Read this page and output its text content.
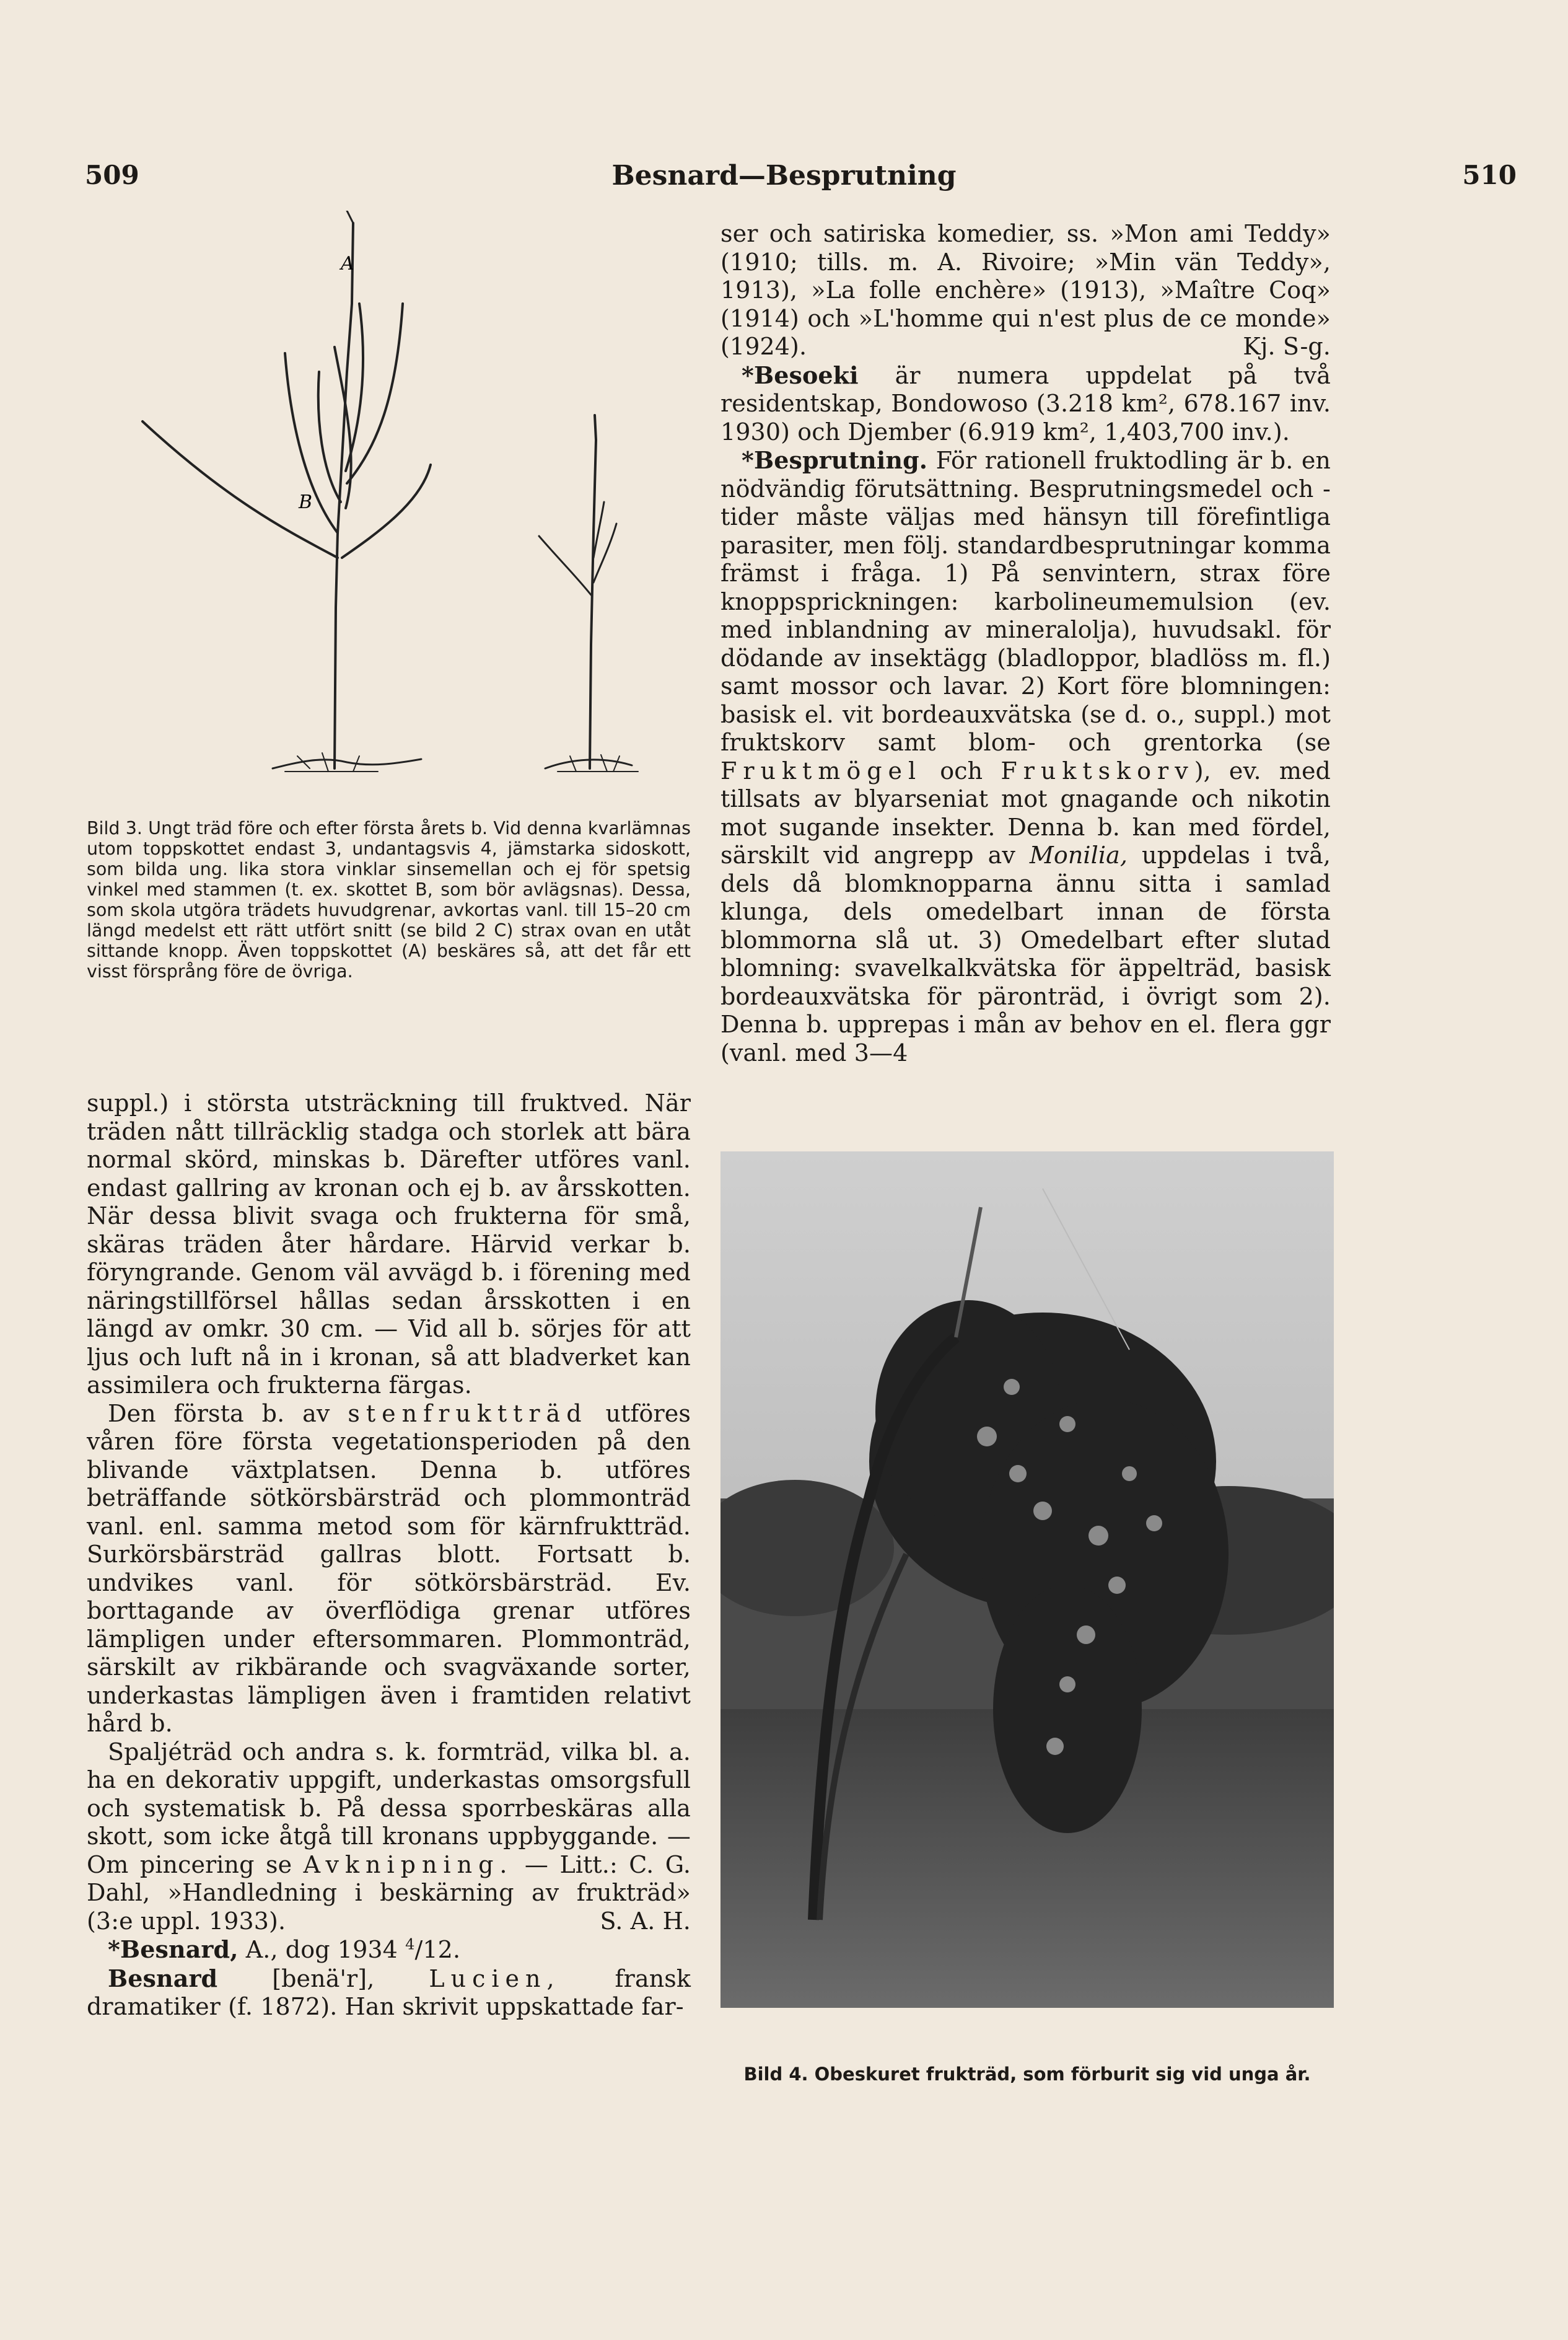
509	Besnard—Besprutning	510
A
B
Bild 3. Ungt träd före och efter första årets b. Vid denna kvarlämnas utom toppskottet endast 3, undantagsvis 4, jämstarka sidoskott, som bilda ung. lika stora vinklar sinsemellan och ej för spetsig vinkel med stammen (t. ex. skottet B, som bör avlägsnas). Dessa, som skola utgöra trädets huvudgrenar, avkortas vanl. till 15–20 cm längd medelst ett rätt utfört snitt (se bild 2 C) strax ovan en utåt sittande knopp. Även toppskottet (A) beskäres så, att det får ett visst försprång före de övriga.

suppl.) i största utsträckning till fruktved. När träden nått tillräcklig stadga och storlek att bära normal skörd, minskas b. Därefter utföres vanl. endast gallring av kronan och ej b. av årsskotten. När dessa blivit svaga och frukterna för små, skäras träden åter hårdare. Härvid verkar b. föryngrande. Genom väl avvägd b. i förening med näringstillförsel hållas sedan årsskotten i en längd av omkr. 30 cm. — Vid all b. sörjes för att ljus och luft nå in i kronan, så att bladverket kan assimilera och frukterna färgas.

Den första b. av stenfruktträd utföres våren före första vegetationsperioden på den blivande växtplatsen. Denna b. utföres beträffande sötkörsbärsträd och plommonträd vanl. enl. samma metod som för kärnfruktträd. Surkörsbärsträd gallras blott. Fortsatt b. undvikes vanl. för sötkörsbärsträd. Ev. borttagande av överflödiga grenar utföres lämpligen under eftersommaren. Plommonträd, särskilt av rikbärande och svagväxande sorter, underkastas lämpligen även i framtiden relativt hård b.

Spaljéträd och andra s. k. formträd, vilka bl. a. ha en dekorativ uppgift, underkastas omsorgsfull och systematisk b. På dessa sporrbeskäras alla skott, som icke åtgå till kronans uppbyggande. — Om pincering se Avknipning. — Litt.: C. G. Dahl, »Handledning i beskärning av frukträd» (3:e uppl. 1933).	S. A. H.

*Besnard, A., dog 1934 $^4$/12.

Besnard [benä'r], Lucien, fransk dramatiker (f. 1872). Han skrivit uppskattade far-

ser och satiriska komedier, ss. »Mon ami Teddy» (1910; tills. m. A. Rivoire; »Min vän Teddy», 1913), »La folle enchère» (1913), »Maître Coq» (1914) och »L'homme qui n'est plus de ce monde» (1924).	Kj. S-g.

*Besoeki är numera uppdelat på två residentskap, Bondowoso (3.218 km², 678.167 inv. 1930) och Djember (6.919 km², 1,403,700 inv.).

*Besprutning. För rationell fruktodling är b. en nödvändig förutsättning. Besprutningsmedel och -tider måste väljas med hänsyn till förefintliga parasiter, men följ. standardbesprutningar komma främst i fråga. 1) På senvintern, strax före knoppsprickningen: karbolineumemulsion (ev. med inblandning av mineralolja), huvudsakl. för dödande av insektägg (bladloppor, bladlöss m. fl.) samt mossor och lavar. 2) Kort före blomningen: basisk el. vit bordeauxvätska (se d. o., suppl.) mot fruktskorv samt blom- och grentorka (se Fruktmögel och Fruktskorv), ev. med tillsats av blyarseniat mot gnagande och nikotin mot sugande insekter. Denna b. kan med fördel, särskilt vid angrepp av Monilia, uppdelas i två, dels då blomknopparna ännu sitta i samlad klunga, dels omedelbart innan de första blommorna slå ut. 3) Omedelbart efter slutad blomning: svavelkalkvätska för äppelträd, basisk bordeauxvätska för päronträd, i övrigt som 2). Denna b. upprepas i mån av behov en el. flera ggr (vanl. med 3—4

Bild 4. Obeskuret frukträd, som förburit sig vid unga år.
